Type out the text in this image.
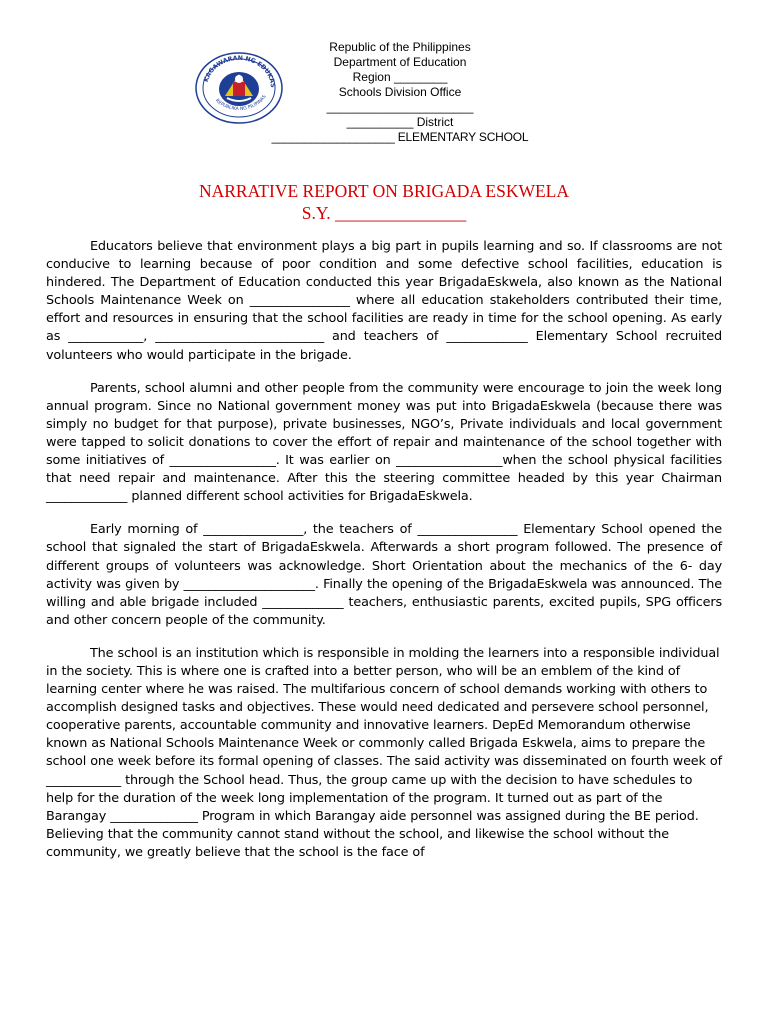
KAGAWARAN NG EDUKAS
REPUBLIKA NG PILIPINAS
Republic of the Philippines
Department of Education
Region ________
Schools Division Office
______________________
__________ District
___________________ ELEMENTARY SCHOOL
NARRATIVE REPORT ON BRIGADA ESKWELA
S.Y. _______________

Educators believe that environment plays a big part in pupils learning and so. If classrooms are not conducive to learning because of poor condition and some defective school facilities, education is hindered. The Department of Education conducted this year BrigadaEskwela, also known as the National Schools Maintenance Week on ________________ where all education stakeholders contributed their time, effort and resources in ensuring that the school facilities are ready in time for the school opening. As early as ____________, ___________________________ and teachers of _____________ Elementary School recruited volunteers who would participate in the brigade.

Parents, school alumni and other people from the community were encourage to join the week long annual program. Since no National government money was put into BrigadaEskwela (because there was simply no budget for that purpose), private businesses, NGO’s, Private individuals and local government were tapped to solicit donations to cover the effort of repair and maintenance of the school together with some initiatives of _________________. It was earlier on _________________when the school physical facilities that need repair and maintenance. After this the steering committee headed by this year Chairman _____________ planned different school activities for BrigadaEskwela.

Early morning of ________________, the teachers of ________________ Elementary School opened the school that signaled the start of BrigadaEskwela. Afterwards a short program followed. The presence of different groups of volunteers was acknowledge. Short Orientation about the mechanics of the 6- day activity was given by _____________________. Finally the opening of the BrigadaEskwela was announced. The willing and able brigade included _____________ teachers, enthusiastic parents, excited pupils, SPG officers and other concern people of the community.

The school is an institution which is responsible in molding the learners into a responsible individual in the society. This is where one is crafted into a better person, who will be an emblem of the kind of learning center where he was raised. The multifarious concern of school demands working with others to accomplish designed tasks and objectives. These would need dedicated and persevere school personnel, cooperative parents, accountable community and innovative learners. DepEd Memorandum otherwise known as National Schools Maintenance Week or commonly called Brigada Eskwela, aims to prepare the school one week before its formal opening of classes. The said activity was disseminated on fourth week of ____________ through the School head. Thus, the group came up with the decision to have schedules to help for the duration of the week long implementation of the program. It turned out as part of the Barangay ______________ Program in which Barangay aide personnel was assigned during the BE period. Believing that the community cannot stand without the school, and likewise the school without the community, we greatly believe that the school is the face of
